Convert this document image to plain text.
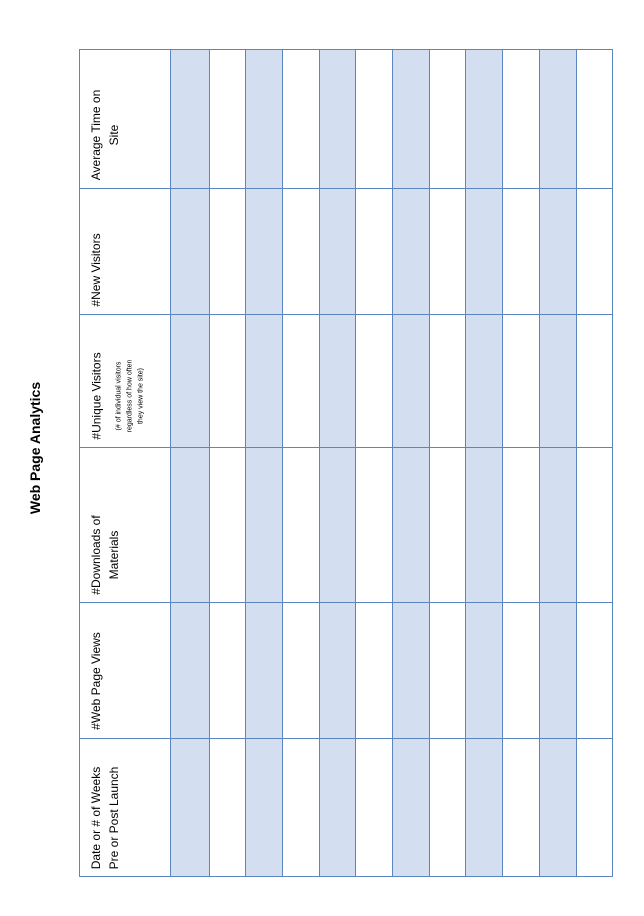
Web Page Analytics
Date or # of Weeks Pre or Post Launch
#Web Page Views
#Downloads of Materials
#Unique Visitors (# of individual visitors regardless of how often they view the site)
#New Visitors
Average Time on Site
